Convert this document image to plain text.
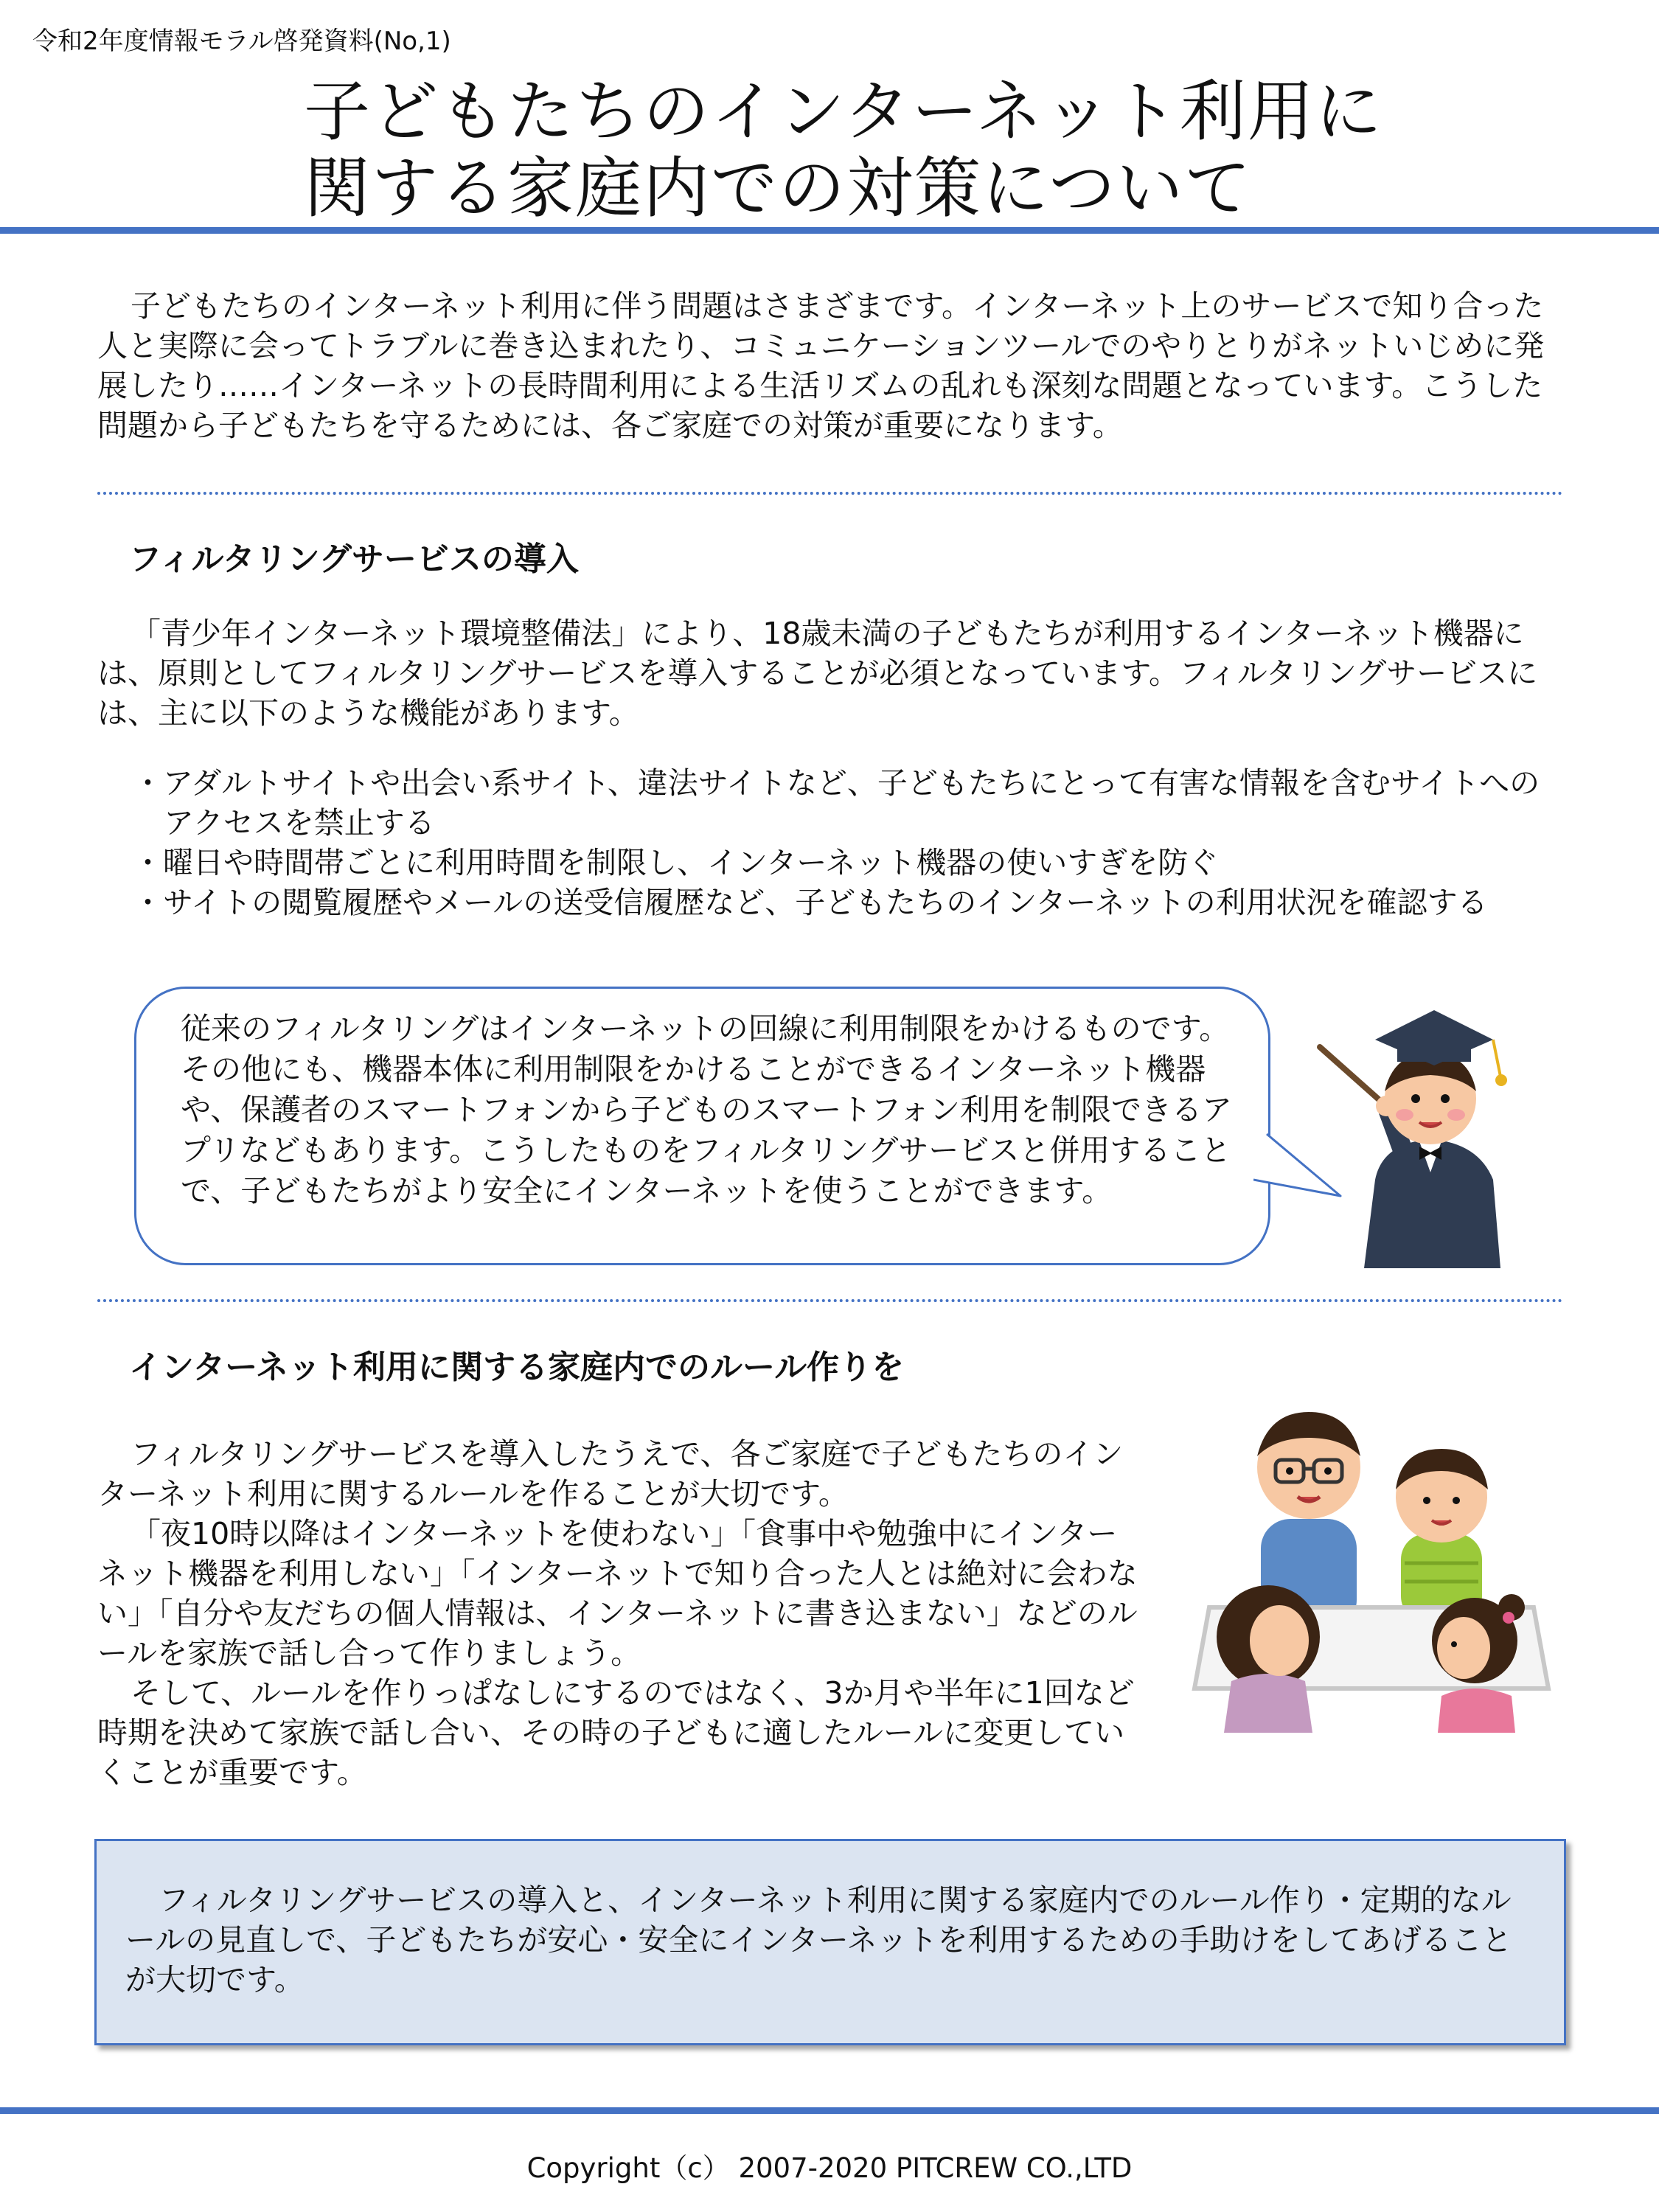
令和2年度情報モラル啓発資料(No,1)
子どもたちのインターネット利用に
関する家庭内での対策について
子どもたちのインターネット利用に伴う問題はさまざまです。インターネット上のサービスで知り合った人と実際に会ってトラブルに巻き込まれたり、コミュニケーションツールでのやりとりがネットいじめに発展したり……インターネットの長時間利用による生活リズムの乱れも深刻な問題となっています。こうした問題から子どもたちを守るためには、各ご家庭での対策が重要になります。
フィルタリングサービスの導入
「青少年インターネット環境整備法」により、18歳未満の子どもたちが利用するインターネット機器には、原則としてフィルタリングサービスを導入することが必須となっています。フィルタリングサービスには、主に以下のような機能があります。
・アダルトサイトや出会い系サイト、違法サイトなど、子どもたちにとって有害な情報を含むサイトへのアクセスを禁止する
・曜日や時間帯ごとに利用時間を制限し、インターネット機器の使いすぎを防ぐ
・サイトの閲覧履歴やメールの送受信履歴など、子どもたちのインターネットの利用状況を確認する
従来のフィルタリングはインターネットの回線に利用制限をかけるものです。その他にも、機器本体に利用制限をかけることができるインターネット機器や、保護者のスマートフォンから子どものスマートフォン利用を制限できるアプリなどもあります。こうしたものをフィルタリングサービスと併用することで、子どもたちがより安全にインターネットを使うことができます。
インターネット利用に関する家庭内でのルール作りを
フィルタリングサービスを導入したうえで、各ご家庭で子どもたちのインターネット利用に関するルールを作ることが大切です。
「夜10時以降はインターネットを使わない」「食事中や勉強中にインターネット機器を利用しない」「インターネットで知り合った人とは絶対に会わない」「自分や友だちの個人情報は、インターネットに書き込まない」などのルールを家族で話し合って作りましょう。
そして、ルールを作りっぱなしにするのではなく、3か月や半年に1回など時期を決めて家族で話し合い、その時の子どもに適したルールに変更していくことが重要です。
フィルタリングサービスの導入と、インターネット利用に関する家庭内でのルール作り・定期的なルールの見直しで、子どもたちが安心・安全にインターネットを利用するための手助けをしてあげることが大切です。
Copyright（c） 2007-2020 PITCREW CO.,LTD
